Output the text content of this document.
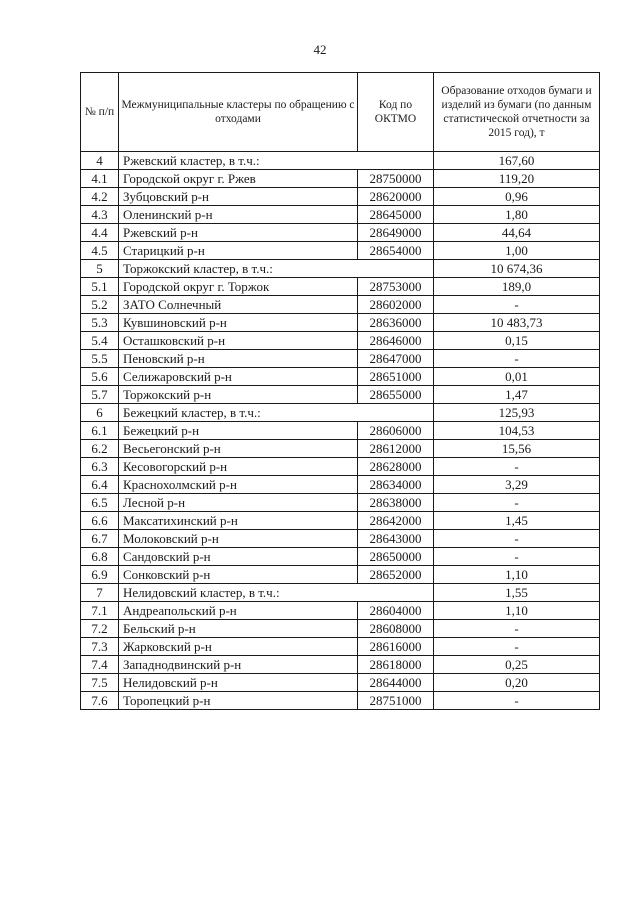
42
№ п/п	Межмуниципальные кластеры по обращению с отходами	Код по ОКТМО	Образование отходов бумаги и изделий из бумаги (по данным статистической отчетности за 2015 год), т
4	Ржевский кластер, в т.ч.:		167,60
4.1	Городской округ г. Ржев	28750000	119,20
4.2	Зубцовский р-н	28620000	0,96
4.3	Оленинский р-н	28645000	1,80
4.4	Ржевский р-н	28649000	44,64
4.5	Старицкий р-н	28654000	1,00
5	Торжокский кластер, в т.ч.:		10 674,36
5.1	Городской округ г. Торжок	28753000	189,0
5.2	ЗАТО Солнечный	28602000	-
5.3	Кувшиновский р-н	28636000	10 483,73
5.4	Осташковский р-н	28646000	0,15
5.5	Пеновский р-н	28647000	-
5.6	Селижаровский р-н	28651000	0,01
5.7	Торжокский р-н	28655000	1,47
6	Бежецкий кластер, в т.ч.:		125,93
6.1	Бежецкий р-н	28606000	104,53
6.2	Весьегонский р-н	28612000	15,56
6.3	Кесовогорский р-н	28628000	-
6.4	Краснохолмский р-н	28634000	3,29
6.5	Лесной р-н	28638000	-
6.6	Максатихинский р-н	28642000	1,45
6.7	Молоковский р-н	28643000	-
6.8	Сандовский р-н	28650000	-
6.9	Сонковский р-н	28652000	1,10
7	Нелидовский кластер, в т.ч.:		1,55
7.1	Андреапольский р-н	28604000	1,10
7.2	Бельский р-н	28608000	-
7.3	Жарковский р-н	28616000	-
7.4	Западнодвинский р-н	28618000	0,25
7.5	Нелидовский р-н	28644000	0,20
7.6	Торопецкий р-н	28751000	-
